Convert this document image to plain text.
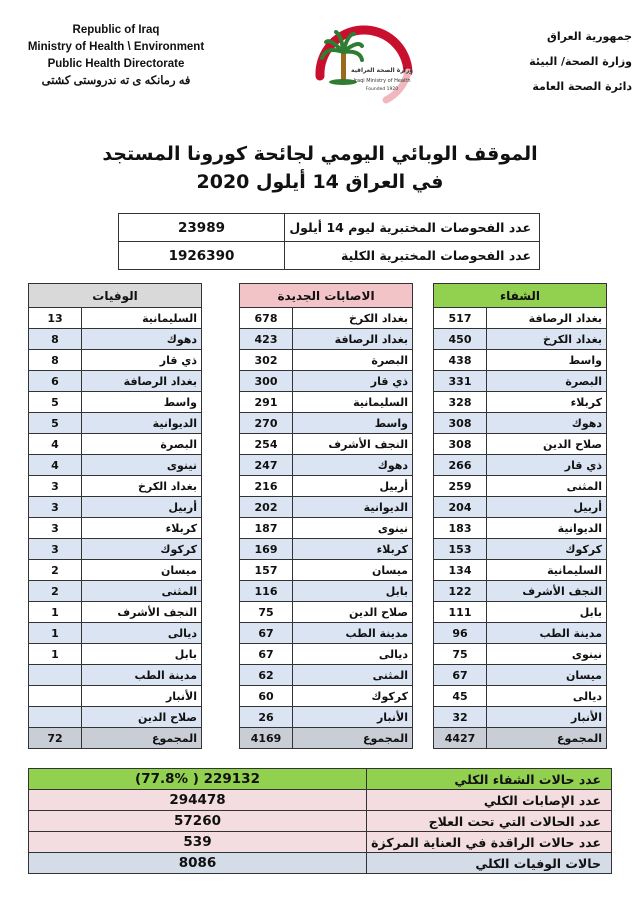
Republic of Iraq
Ministry of Health \ Environment
Public Health Directorate
فه رمانكه ى ته ندروستى كشتى
جمهورية العراق
وزارة الصحة/ البيئة
دائرة الصحة العامة
وزارة الصحة العراقية
Iraqi Ministry of Health
Founded 1920
الموقف الوبائي اليومي لجائحة كورونا المستجد
في العراق 14 أيلول 2020
23989	عدد الفحوصات المختبرية ليوم 14 أيلول
1926390	عدد الفحوصات المختبرية الكلية
الوفيات	
13	السليمانية
8	دهوك
8	ذي قار
6	بغداد الرصافة
5	واسط
5	الديوانية
4	البصرة
4	نينوى
3	بغداد الكرخ
3	أربيل
3	كربلاء
3	كركوك
2	ميسان
2	المثنى
1	النجف الأشرف
1	ديالى
1	بابل
	مدينة الطب
	الأنبار
	صلاح الدين
72	المجموع
الاصابات الجديدة	
678	بغداد الكرخ
423	بغداد الرصافة
302	البصرة
300	ذي قار
291	السليمانية
270	واسط
254	النجف الأشرف
247	دهوك
216	أربيل
202	الديوانية
187	نينوى
169	كربلاء
157	ميسان
116	بابل
75	صلاح الدين
67	مدينة الطب
67	ديالى
62	المثنى
60	كركوك
26	الأنبار
4169	المجموع
الشفاء	
517	بغداد الرصافة
450	بغداد الكرخ
438	واسط
331	البصرة
328	كربلاء
308	دهوك
308	صلاح الدين
266	ذي قار
259	المثنى
204	أربيل
183	الديوانية
153	كركوك
134	السليمانية
122	النجف الأشرف
111	بابل
96	مدينة الطب
75	نينوى
67	ميسان
45	ديالى
32	الأنبار
4427	المجموع
(77.8% ) 229132	عدد حالات الشفاء الكلي
294478	عدد الإصابات الكلي
57260	عدد الحالات التي تحت العلاج
539	عدد حالات الراقدة في العناية المركزة
8086	حالات الوفيات الكلي
